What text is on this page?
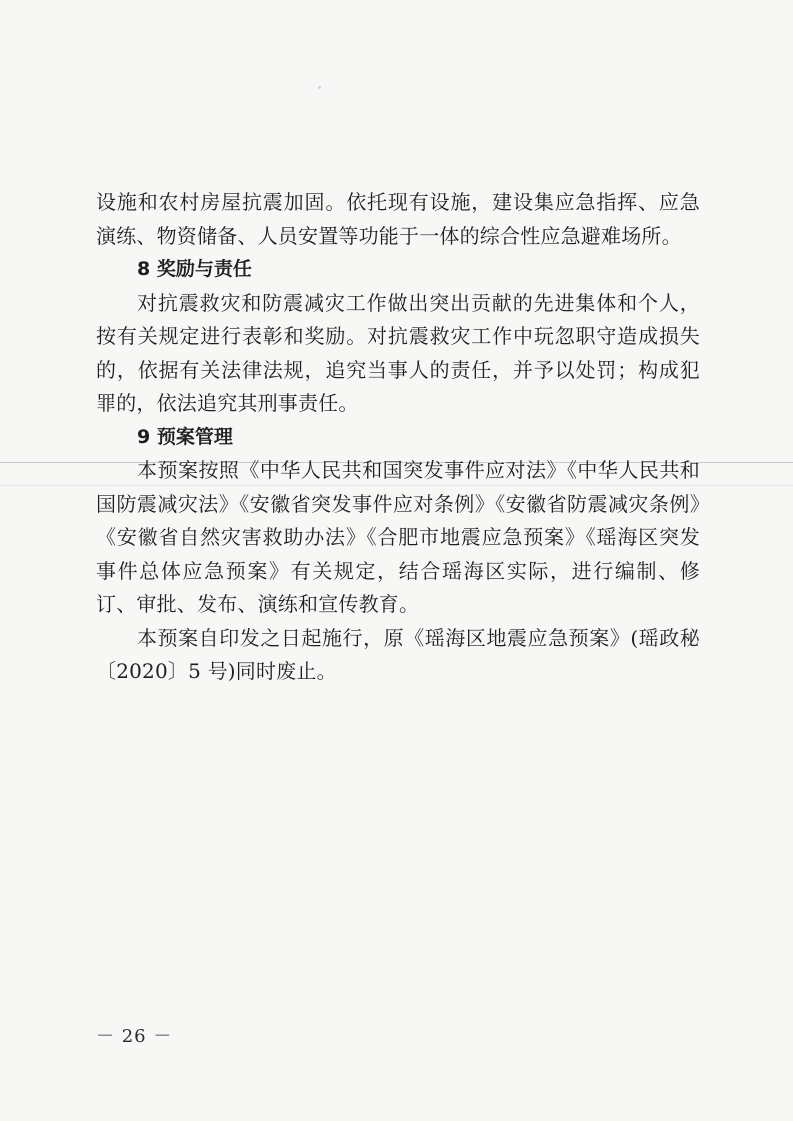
设施和农村房屋抗震加固。依托现有设施，建设集应急指挥、应急演练、物资储备、人员安置等功能于一体的综合性应急避难场所。

8 奖励与责任

对抗震救灾和防震减灾工作做出突出贡献的先进集体和个人，按有关规定进行表彰和奖励。对抗震救灾工作中玩忽职守造成损失的，依据有关法律法规，追究当事人的责任，并予以处罚；构成犯罪的，依法追究其刑事责任。

9 预案管理

本预案按照《中华人民共和国突发事件应对法》《中华人民共和国防震减灾法》《安徽省突发事件应对条例》《安徽省防震减灾条例》《安徽省自然灾害救助办法》《合肥市地震应急预案》《瑶海区突发事件总体应急预案》有关规定，结合瑶海区实际，进行编制、修订、审批、发布、演练和宣传教育。

本预案自印发之日起施行，原《瑶海区地震应急预案》(瑶政秘〔2020〕5 号)同时废止。

－ 26 －
